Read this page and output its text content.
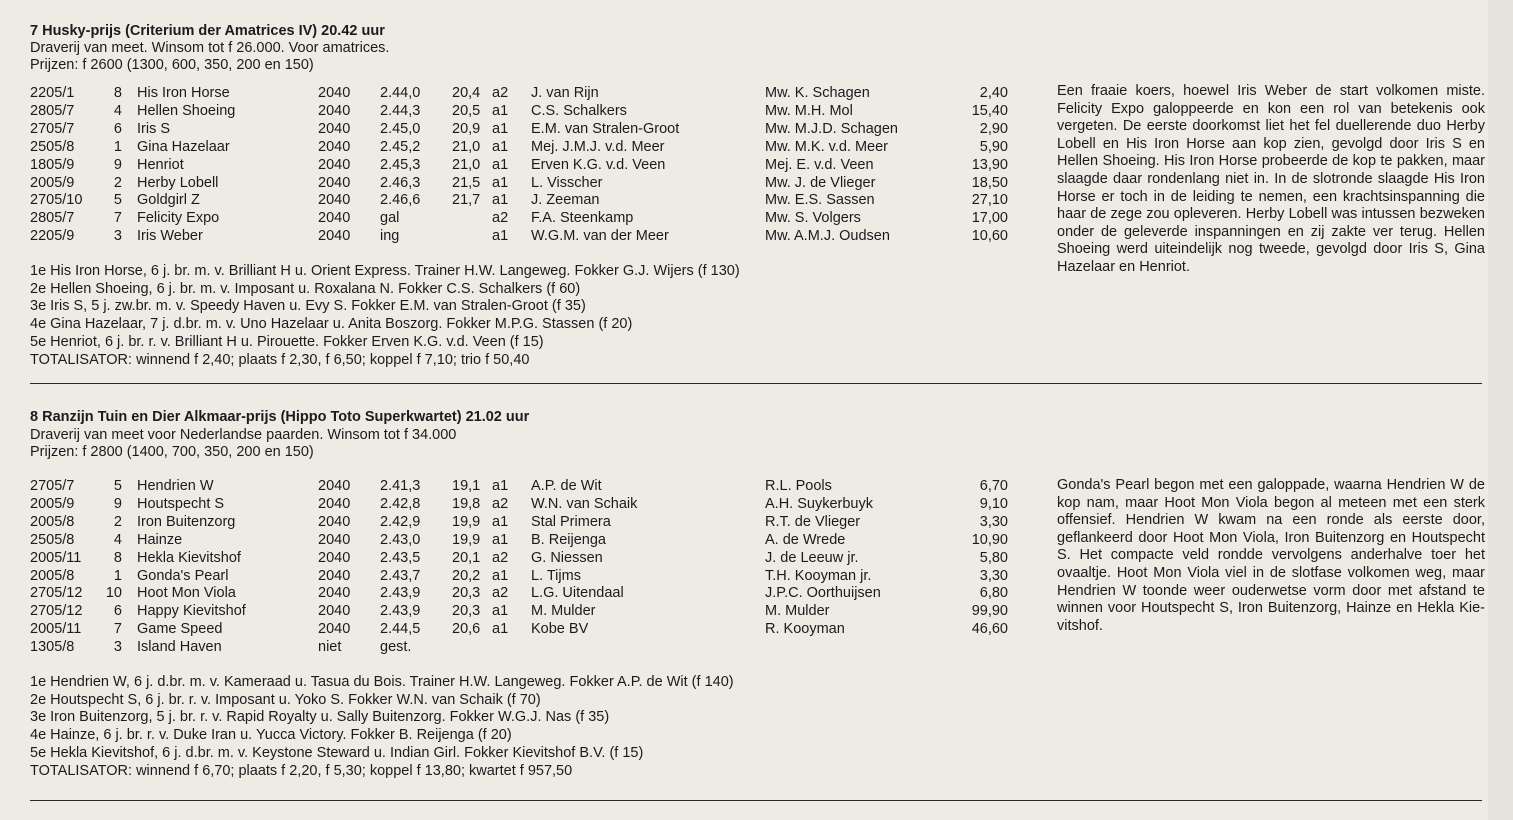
7 Husky-prijs (Criterium der Amatrices IV) 20.42 uur
Draverij van meet. Winsom tot f 26.000. Voor amatrices.
Prijzen: f 2600 (1300, 600, 350, 200 en 150)
2205/1	8 His Iron Horse	2040 2.44,0 20,4 a2 J. van Rijn	Mw. K. Schagen	2,40
2805/7	4 Hellen Shoeing	2040 2.44,3 20,5 a1 C.S. Schalkers	Mw. M.H. Mol	15,40
2705/7	6 Iris S	2040 2.45,0 20,9 a1 E.M. van Stralen-Groot	Mw. M.J.D. Schagen	2,90
2505/8	1 Gina Hazelaar	2040 2.45,2 21,0 a1 Mej. J.M.J. v.d. Meer	Mw. M.K. v.d. Meer	5,90
1805/9	9 Henriot	2040 2.45,3 21,0 a1 Erven K.G. v.d. Veen	Mej. E. v.d. Veen	13,90
2005/9	2 Herby Lobell	2040 2.46,3 21,5 a1 L. Visscher	Mw. J. de Vlieger	18,50
2705/10	5 Goldgirl Z	2040 2.46,6 21,7 a1 J. Zeeman	Mw. E.S. Sassen	27,10
2805/7	7 Felicity Expo	2040 gal	a2 F.A. Steenkamp	Mw. S. Volgers	17,00
2205/9	3 Iris Weber	2040 ing	a1 W.G.M. van der Meer	Mw. A.M.J. Oudsen	10,60
1e His Iron Horse, 6 j. br. m. v. Brilliant H u. Orient Express. Trainer H.W. Langeweg. Fokker G.J. Wijers (f 130)
2e Hellen Shoeing, 6 j. br. m. v. Imposant u. Roxalana N. Fokker C.S. Schalkers (f 60)
3e Iris S, 5 j. zw.br. m. v. Speedy Haven u. Evy S. Fokker E.M. van Stralen-Groot (f 35)
4e Gina Hazelaar, 7 j. d.br. m. v. Uno Hazelaar u. Anita Boszorg. Fokker M.P.G. Stassen (f 20)
5e Henriot, 6 j. br. r. v. Brilliant H u. Pirouette. Fokker Erven K.G. v.d. Veen (f 15)
TOTALISATOR: winnend f 2,40; plaats f 2,30, f 6,50; koppel f 7,10; trio f 50,40
Een fraaie koers, hoewel Iris Weber de start volkomen miste. Felicity Expo galoppeerde en kon een rol van betekenis ook vergeten. De eerste doorkomst liet het fel duellerende duo Herby Lobell en His Iron Horse aan kop zien, gevolgd door Iris S en Hellen Shoeing. His Iron Horse probeerde de kop te pakken, maar slaagde daar rondenlang niet in. In de slotronde slaagde His Iron Horse er toch in de leiding te nemen, een krachtsinspanning die haar de zege zou opleveren. Herby Lobell was intussen bezweken onder de geleverde inspanningen en zij zakte ver terug. Hellen Shoeing werd uiteindelijk nog tweede, gevolgd door Iris S, Gina Hazelaar en Henriot.
8 Ranzijn Tuin en Dier Alkmaar-prijs (Hippo Toto Superkwartet) 21.02 uur
Draverij van meet voor Nederlandse paarden. Winsom tot f 34.000
Prijzen: f 2800 (1400, 700, 350, 200 en 150)
2705/7	5 Hendrien W	2040 2.41,3 19,1 a1 A.P. de Wit	R.L. Pools	6,70
2005/9	9 Houtspecht S	2040 2.42,8 19,8 a2 W.N. van Schaik	A.H. Suykerbuyk	9,10
2005/8	2 Iron Buitenzorg	2040 2.42,9 19,9 a1 Stal Primera	R.T. de Vlieger	3,30
2505/8	4 Hainze	2040 2.43,0 19,9 a1 B. Reijenga	A. de Wrede	10,90
2005/11	8 Hekla Kievitshof	2040 2.43,5 20,1 a2 G. Niessen	J. de Leeuw jr.	5,80
2005/8	1 Gonda's Pearl	2040 2.43,7 20,2 a1 L. Tijms	T.H. Kooyman jr.	3,30
2705/12	10 Hoot Mon Viola	2040 2.43,9 20,3 a2 L.G. Uitendaal	J.P.C. Oorthuijsen	6,80
2705/12	6 Happy Kievitshof	2040 2.43,9 20,3 a1 M. Mulder	M. Mulder	99,90
2005/11	7 Game Speed	2040 2.44,5 20,6 a1 Kobe BV	R. Kooyman	46,60
1305/8	3 Island Haven	niet	gest.
1e Hendrien W, 6 j. d.br. m. v. Kameraad u. Tasua du Bois. Trainer H.W. Langeweg. Fokker A.P. de Wit (f 140)
2e Houtspecht S, 6 j. br. r. v. Imposant u. Yoko S. Fokker W.N. van Schaik (f 70)
3e Iron Buitenzorg, 5 j. br. r. v. Rapid Royalty u. Sally Buitenzorg. Fokker W.G.J. Nas (f 35)
4e Hainze, 6 j. br. r. v. Duke Iran u. Yucca Victory. Fokker B. Reijenga (f 20)
5e Hekla Kievitshof, 6 j. d.br. m. v. Keystone Steward u. Indian Girl. Fokker Kievitshof B.V. (f 15)
TOTALISATOR: winnend f 6,70; plaats f 2,20, f 5,30; koppel f 13,80; kwartet f 957,50
Gonda's Pearl begon met een galoppade, waarna Hendrien W de kop nam, maar Hoot Mon Viola begon al meteen met een sterk offensief. Hendrien W kwam na een ronde als eerste door, geflankeerd door Hoot Mon Viola, Iron Buitenzorg en Houtspecht S. Het compacte veld rondde vervolgens anderhalve toer het ovaaltje. Hoot Mon Viola viel in de slotfase volkomen weg, maar Hendrien W toonde weer ouderwetse vorm door met afstand te winnen voor Houtspecht S, Iron Buitenzorg, Hainze en Hekla Kievitshof.
